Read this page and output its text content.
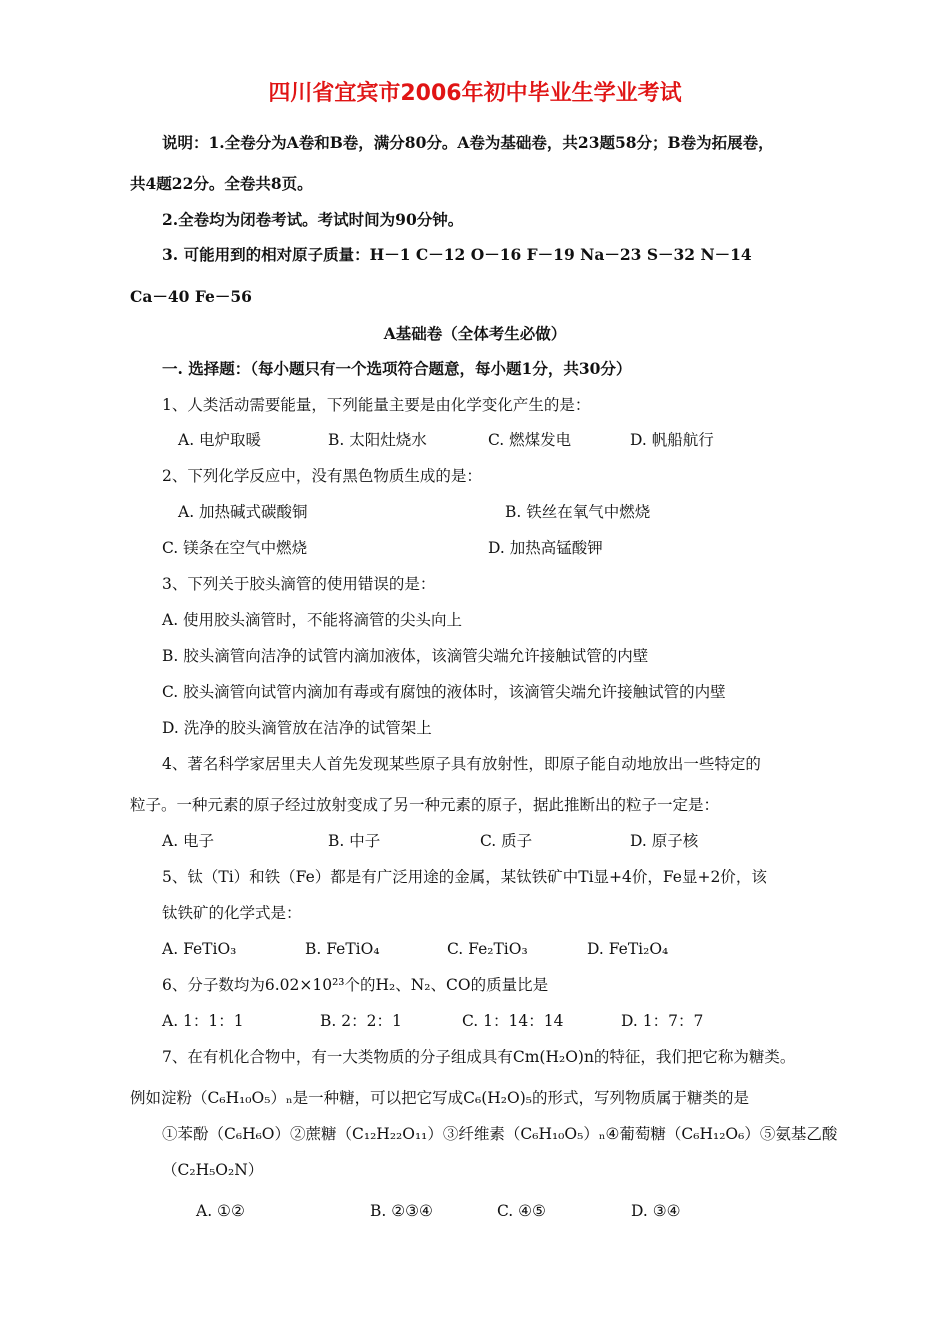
四川省宜宾市2006年初中毕业生学业考试
说明：1.全卷分为A卷和B卷，满分80分。A卷为基础卷，共23题58分；B卷为拓展卷，
共4题22分。全卷共8页。
2.全卷均为闭卷考试。考试时间为90分钟。
3. 可能用到的相对原子质量：H－1 C－12 O－16 F－19 Na－23 S－32 N－14
Ca－40 Fe－56
A基础卷（全体考生必做）
一. 选择题：（每小题只有一个选项符合题意，每小题1分，共30分）
1、人类活动需要能量，下列能量主要是由化学变化产生的是：
A. 电炉取暖	B. 太阳灶烧水	C. 燃煤发电	D. 帆船航行
2、下列化学反应中，没有黑色物质生成的是：
A. 加热碱式碳酸铜	B. 铁丝在氧气中燃烧
C. 镁条在空气中燃烧	D. 加热高锰酸钾
3、下列关于胶头滴管的使用错误的是：
A. 使用胶头滴管时，不能将滴管的尖头向上
B. 胶头滴管向洁净的试管内滴加液体，该滴管尖端允许接触试管的内壁
C. 胶头滴管向试管内滴加有毒或有腐蚀的液体时，该滴管尖端允许接触试管的内壁
D. 洗净的胶头滴管放在洁净的试管架上
4、著名科学家居里夫人首先发现某些原子具有放射性，即原子能自动地放出一些特定的
粒子。一种元素的原子经过放射变成了另一种元素的原子，据此推断出的粒子一定是：
A. 电子	B. 中子	C. 质子	D. 原子核
5、钛（Ti）和铁（Fe）都是有广泛用途的金属，某钛铁矿中Ti显+4价，Fe显+2价，该
钛铁矿的化学式是：
A. FeTiO₃	B. FeTiO₄	C. Fe₂TiO₃	D. FeTi₂O₄
6、分子数均为6.02×10²³个的H₂、N₂、CO的质量比是
A. 1：1：1	B. 2：2：1	C. 1：14：14	D. 1：7：7
7、在有机化合物中，有一大类物质的分子组成具有Cm(H₂O)n的特征，我们把它称为糖类。
例如淀粉（C₆H₁₀O₅）ₙ是一种糖，可以把它写成C₆(H₂O)₅的形式，写列物质属于糖类的是
①苯酚（C₆H₆O）②蔗糖（C₁₂H₂₂O₁₁）③纤维素（C₆H₁₀O₅）ₙ④葡萄糖（C₆H₁₂O₆）⑤氨基乙酸
（C₂H₅O₂N）
A. ①②	B. ②③④	C. ④⑤	D. ③④
